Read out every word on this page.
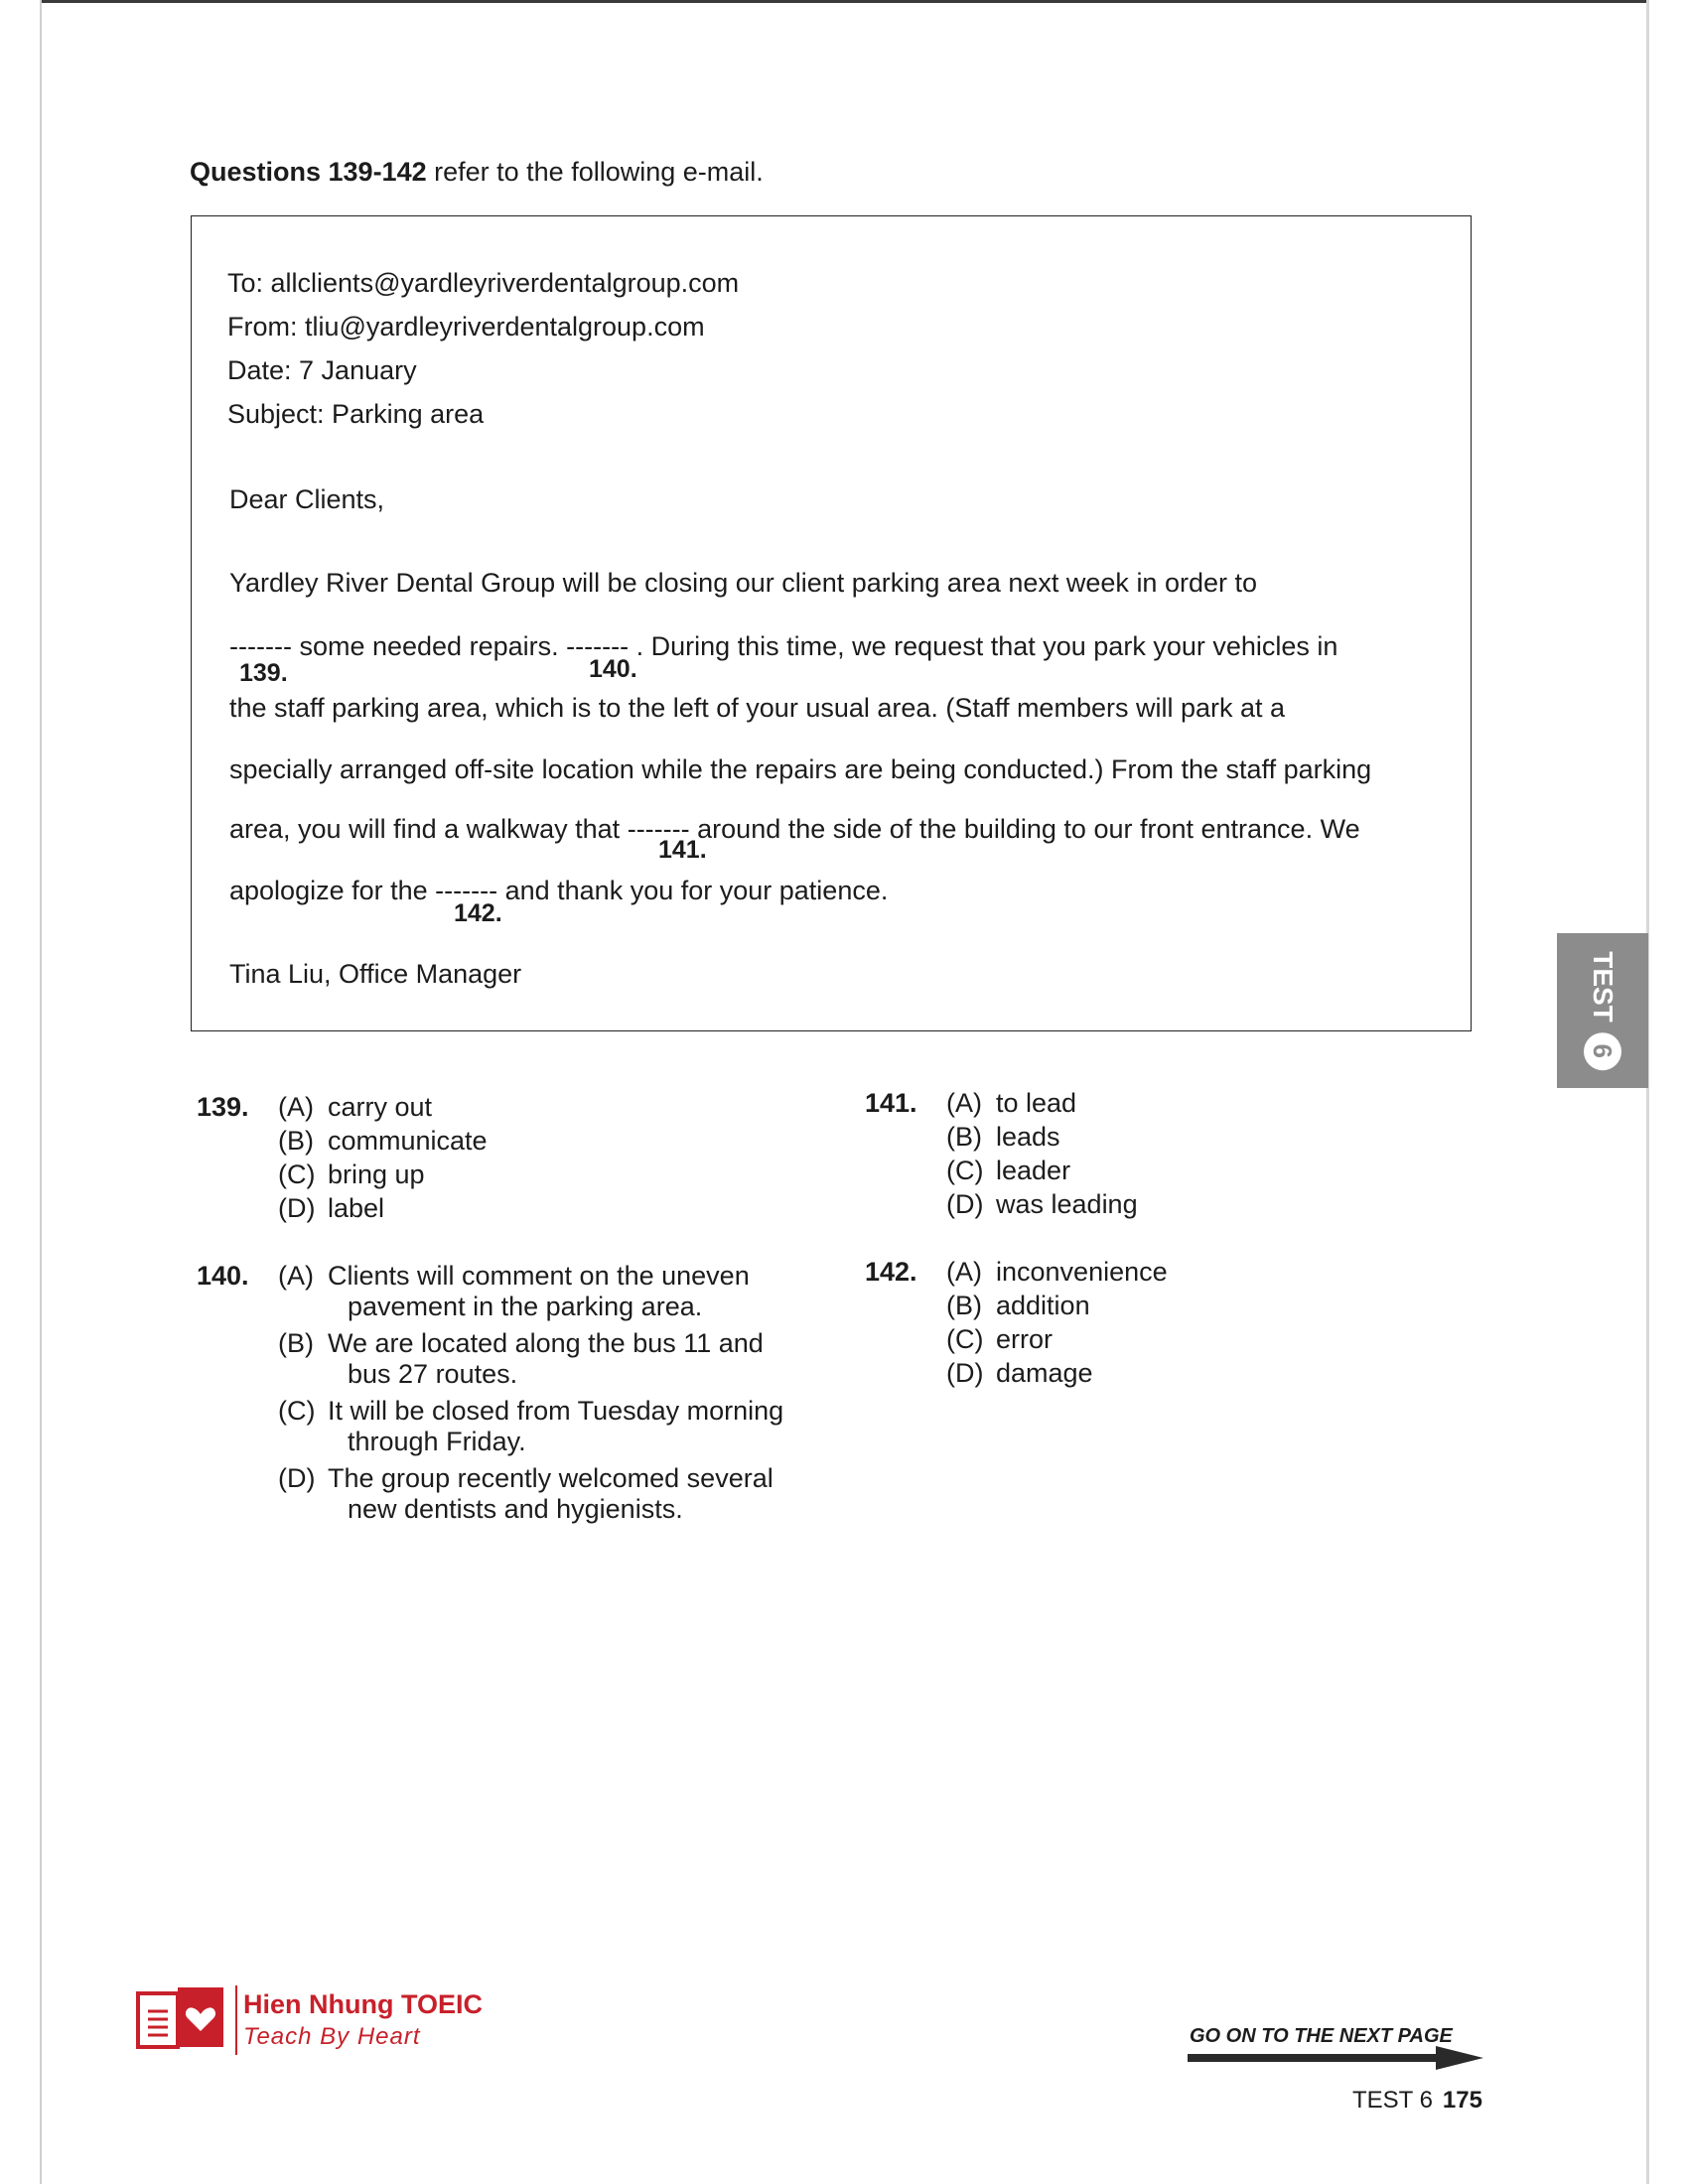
Questions 139-142 refer to the following e-mail.
To: allclients@yardleyriverdentalgroup.com
From: tliu@yardleyriverdentalgroup.com
Date: 7 January
Subject: Parking area
Dear Clients,
Yardley River Dental Group will be closing our client parking area next week in order to
------- some needed repairs. ------- . During this time, we request that you park your vehicles in
139.	140.
the staff parking area, which is to the left of your usual area. (Staff members will park at a
specially arranged off-site location while the repairs are being conducted.) From the staff parking
area, you will find a walkway that ------- around the side of the building to our front entrance. We
141.
apologize for the ------- and thank you for your patience.
142.
Tina Liu, Office Manager
139. (A) carry out
(B) communicate
(C) bring up
(D) label
140. (A) Clients will comment on the uneven
pavement in the parking area.
(B) We are located along the bus 11 and
bus 27 routes.
(C) It will be closed from Tuesday morning
through Friday.
(D) The group recently welcomed several
new dentists and hygienists.
141. (A) to lead
(B) leads
(C) leader
(D) was leading
142. (A) inconvenience
(B) addition
(C) error
(D) damage
TEST
6
Hien Nhung TOEIC
Teach By Heart	GO ON TO THE NEXT PAGE
TEST 6 175
